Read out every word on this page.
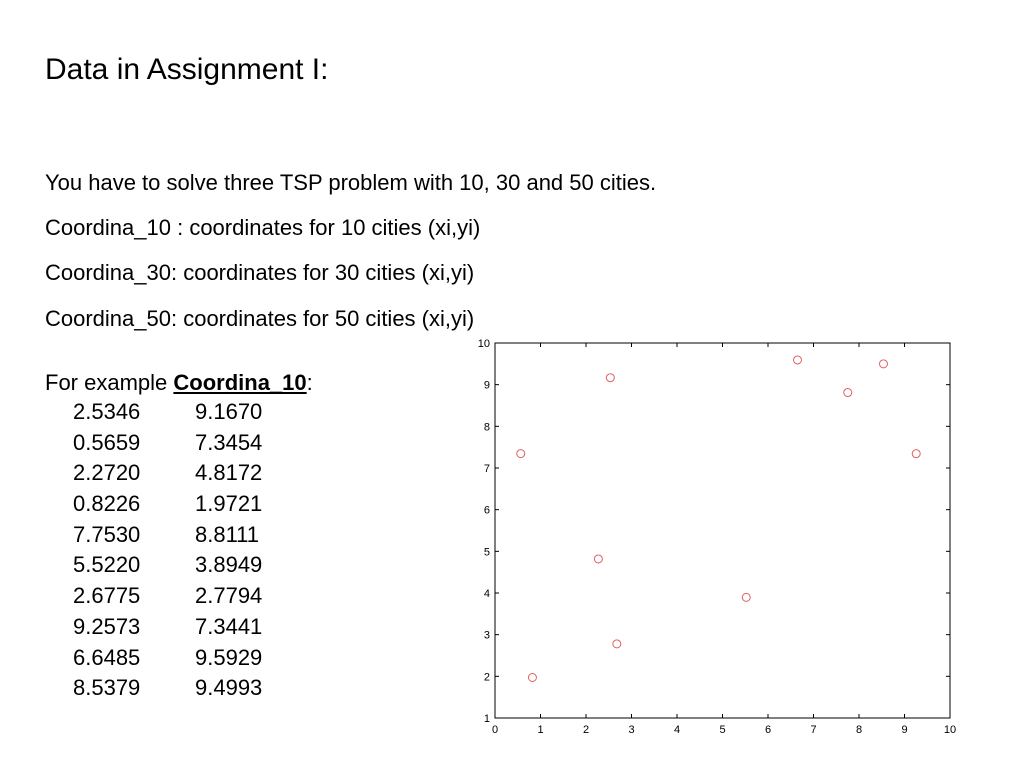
Data in Assignment I:
You have to solve three TSP problem with 10, 30 and 50 cities.
Coordina_10 : coordinates for 10 cities (xi,yi)
Coordina_30: coordinates for 30 cities (xi,yi)
Coordina_50: coordinates for 50 cities (xi,yi)
For example Coordina_10:
2.5346 9.1670
0.5659 7.3454
2.2720 4.8172
0.8226 1.9721
7.7530 8.8111
5.5220 3.8949
2.6775 2.7794
9.2573 7.3441
6.6485 9.5929
8.5379 9.4993
0	1	2	3	4	5	6	7	8	9	10
1
2
3
4
5
6
7
8
9
10
